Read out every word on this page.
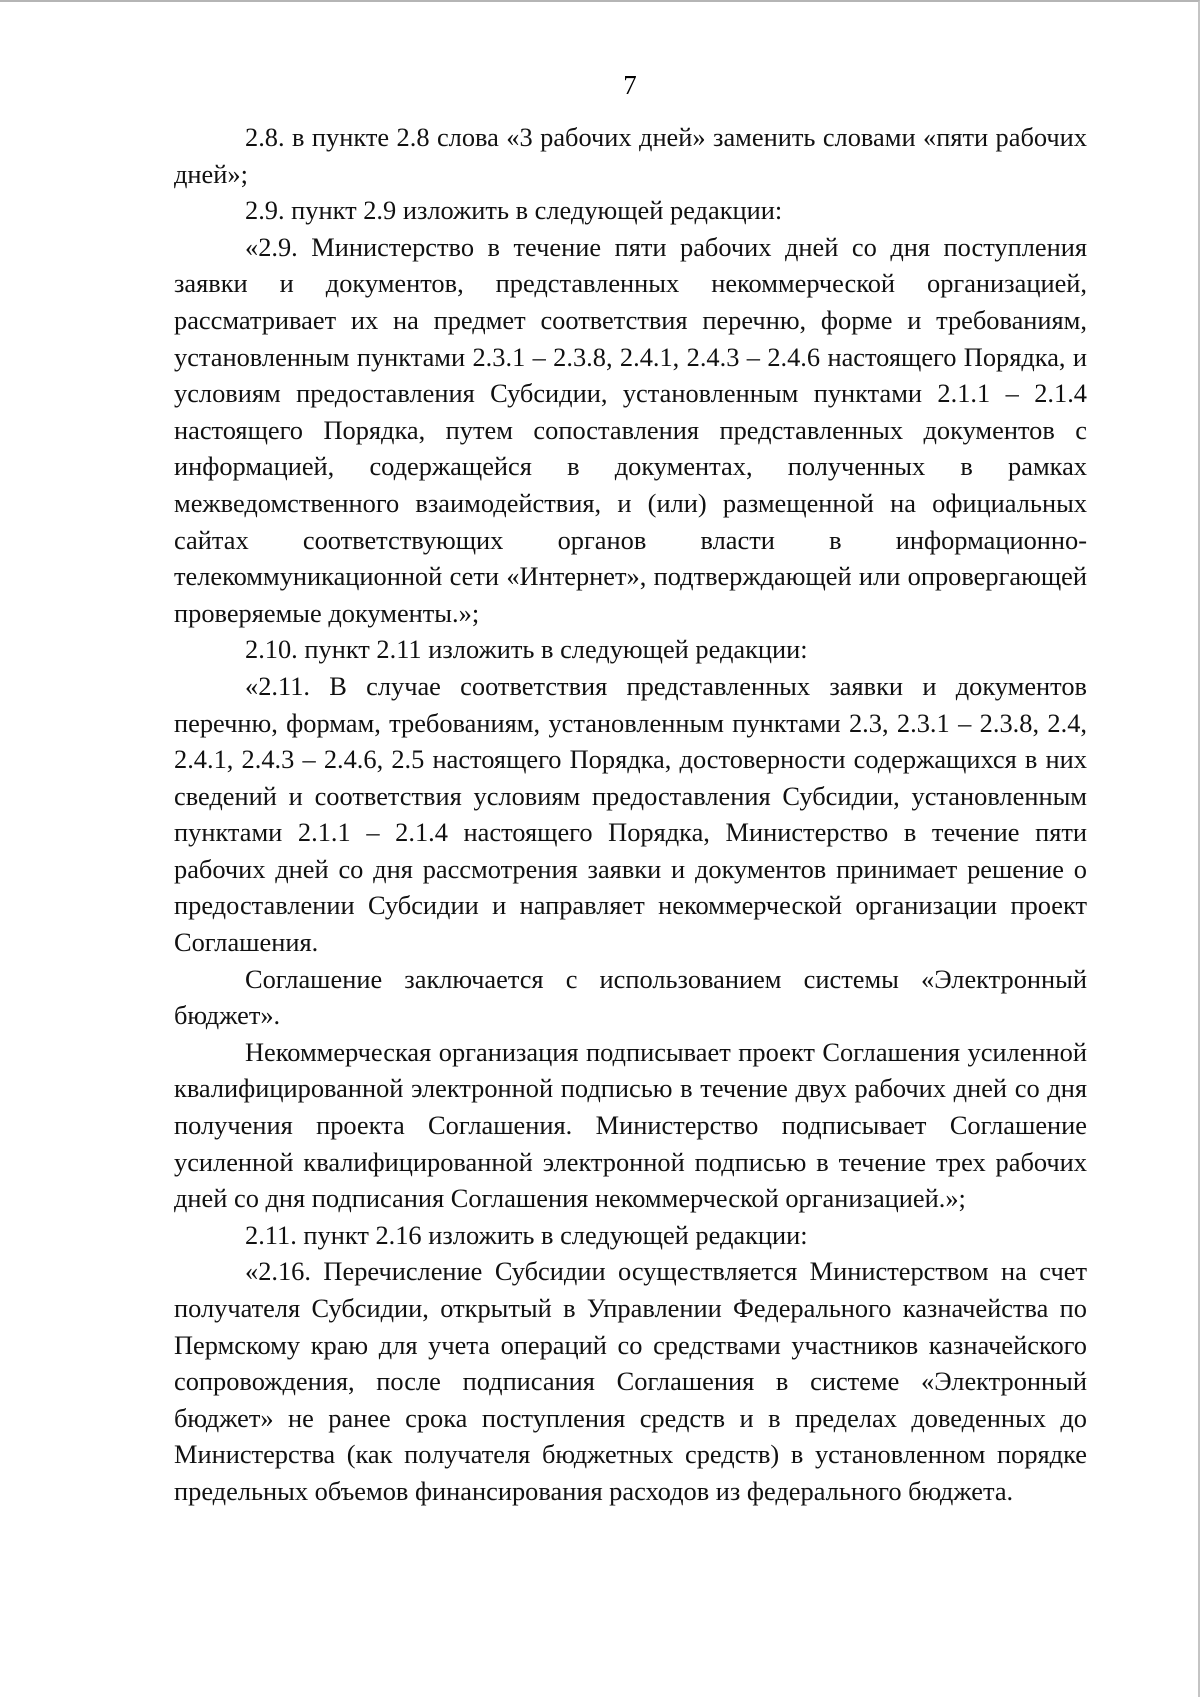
7

2.8. в пункте 2.8 слова «3 рабочих дней» заменить словами «пяти рабочих дней»;

2.9. пункт 2.9 изложить в следующей редакции:

«2.9. Министерство в течение пяти рабочих дней со дня поступления заявки и документов, представленных некоммерческой организацией, рассматривает их на предмет соответствия перечню, форме и требованиям, установленным пунктами 2.3.1 – 2.3.8, 2.4.1, 2.4.3 – 2.4.6 настоящего Порядка, и условиям предоставления Субсидии, установленным пунктами 2.1.1 – 2.1.4 настоящего Порядка, путем сопоставления представленных документов с информацией, содержащейся в документах, полученных в рамках межведомственного взаимодействия, и (или) размещенной на официальных сайтах соответствующих органов власти в информационно-телекоммуникационной сети «Интернет», подтверждающей или опровергающей проверяемые документы.»;

2.10. пункт 2.11 изложить в следующей редакции:

«2.11. В случае соответствия представленных заявки и документов перечню, формам, требованиям, установленным пунктами 2.3, 2.3.1 – 2.3.8, 2.4, 2.4.1, 2.4.3 – 2.4.6, 2.5 настоящего Порядка, достоверности содержащихся в них сведений и соответствия условиям предоставления Субсидии, установленным пунктами 2.1.1 – 2.1.4 настоящего Порядка, Министерство в течение пяти рабочих дней со дня рассмотрения заявки и документов принимает решение о предоставлении Субсидии и направляет некоммерческой организации проект Соглашения.

Соглашение заключается с использованием системы «Электронный бюджет».

Некоммерческая организация подписывает проект Соглашения усиленной квалифицированной электронной подписью в течение двух рабочих дней со дня получения проекта Соглашения. Министерство подписывает Соглашение усиленной квалифицированной электронной подписью в течение трех рабочих дней со дня подписания Соглашения некоммерческой организацией.»;

2.11. пункт 2.16 изложить в следующей редакции:

«2.16. Перечисление Субсидии осуществляется Министерством на счет получателя Субсидии, открытый в Управлении Федерального казначейства по Пермскому краю для учета операций со средствами участников казначейского сопровождения, после подписания Соглашения в системе «Электронный бюджет» не ранее срока поступления средств и в пределах доведенных до Министерства (как получателя бюджетных средств) в установленном порядке предельных объемов финансирования расходов из федерального бюджета.
